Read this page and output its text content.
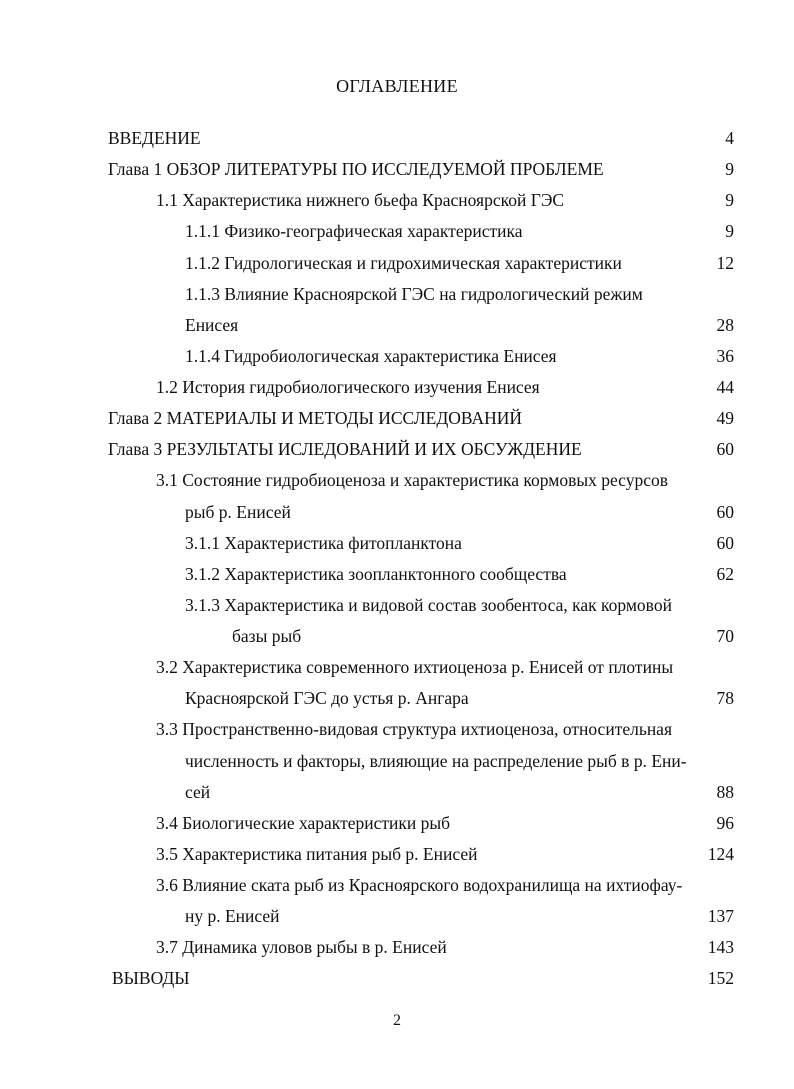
ОГЛАВЛЕНИЕ
ВВЕДЕНИЕ	4
Глава 1 ОБЗОР ЛИТЕРАТУРЫ ПО ИССЛЕДУЕМОЙ ПРОБЛЕМЕ	9
1.1 Характеристика нижнего бьефа Красноярской ГЭС	9
1.1.1 Физико-географическая характеристика	9
1.1.2 Гидрологическая и гидрохимическая характеристики	12
1.1.3 Влияние Красноярской ГЭС на гидрологический режим
Енисея	28
1.1.4 Гидробиологическая характеристика Енисея	36
1.2 История гидробиологического изучения Енисея	44
Глава 2 МАТЕРИАЛЫ И МЕТОДЫ ИССЛЕДОВАНИЙ	49
Глава 3 РЕЗУЛЬТАТЫ ИСЛЕДОВАНИЙ И ИХ ОБСУЖДЕНИЕ	60
3.1 Состояние гидробиоценоза и характеристика кормовых ресурсов
рыб р. Енисей	60
3.1.1 Характеристика фитопланктона	60
3.1.2 Характеристика зоопланктонного сообщества	62
3.1.3 Характеристика и видовой состав зообентоса, как кормовой
базы рыб	70
3.2 Характеристика современного ихтиоценоза р. Енисей от плотины
Красноярской ГЭС до устья р. Ангара	78
3.3 Пространственно-видовая структура ихтиоценоза, относительная
численность и факторы, влияющие на распределение рыб в р. Ени-
сей	88
3.4 Биологические характеристики рыб	96
3.5 Характеристика питания рыб р. Енисей	124
3.6 Влияние ската рыб из Красноярского водохранилища на ихтиофау-
ну р. Енисей	137
3.7 Динамика уловов рыбы в р. Енисей	143
ВЫВОДЫ	152
2
